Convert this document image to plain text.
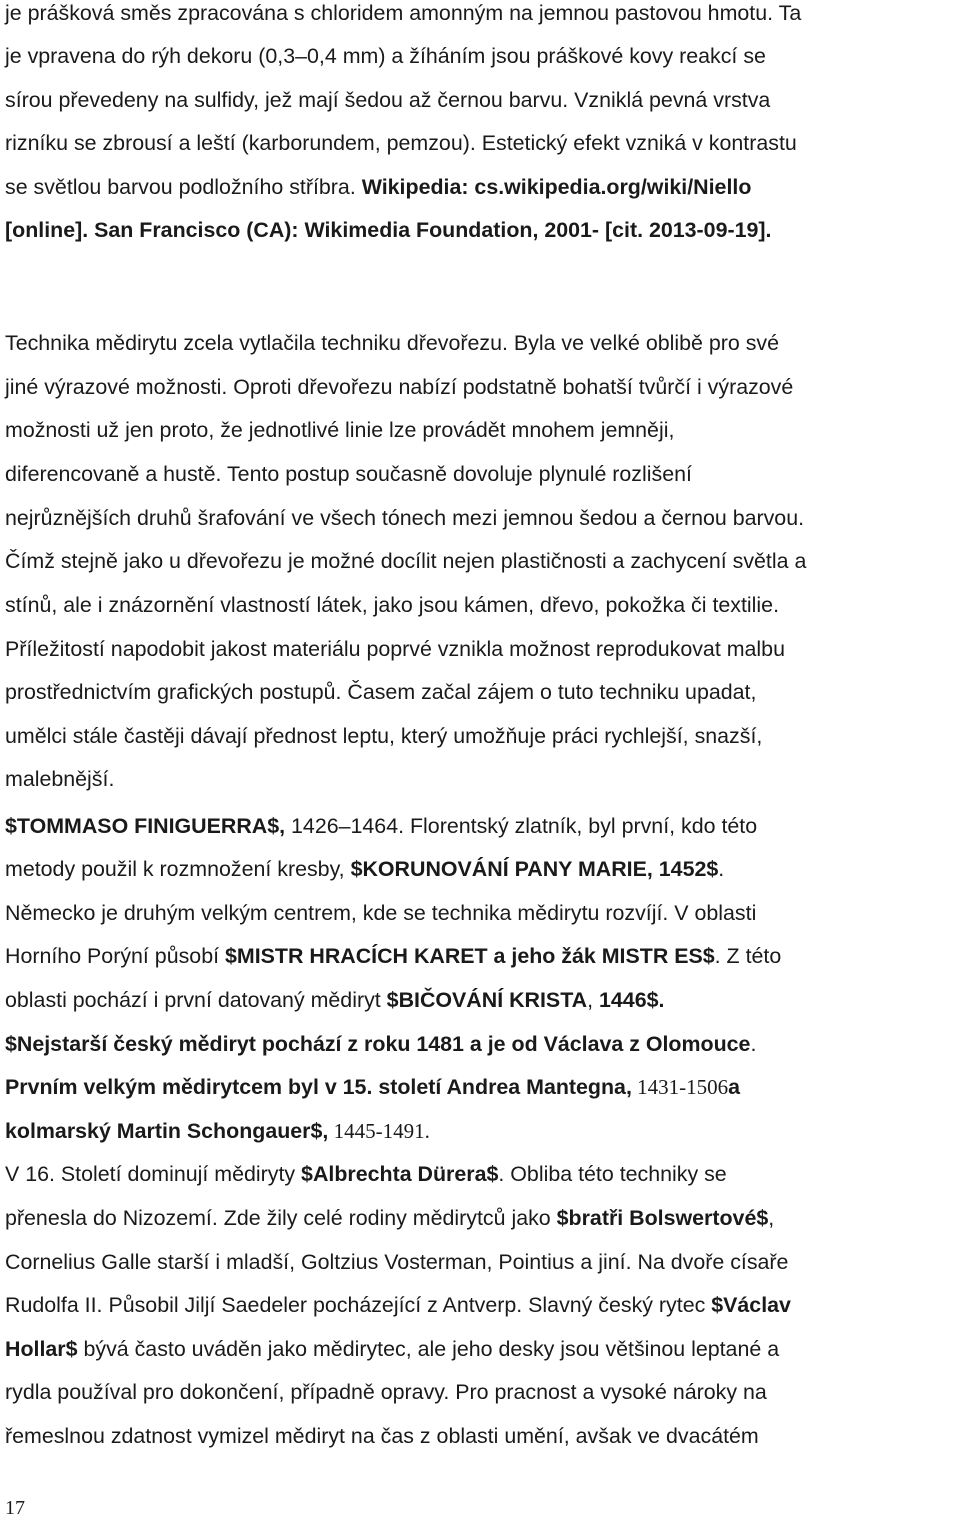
je prášková směs zpracována s chloridem amonným na jemnou pastovou hmotu. Ta
je vpravena do rýh dekoru (0,3–0,4 mm) a žíháním jsou práškové kovy reakcí se
sírou převedeny na sulfidy, jež mají šedou až černou barvu. Vzniklá pevná vrstva
rizníku se zbrousí a leští (karborundem, pemzou). Estetický efekt vzniká v kontrastu
se světlou barvou podložního stříbra. Wikipedia: cs.wikipedia.org/wiki/Niello
[online]. San Francisco (CA): Wikimedia Foundation, 2001- [cit. 2013-09-19].
Technika mědirytu zcela vytlačila techniku dřevořezu. Byla ve velké oblibě pro své
jiné výrazové možnosti. Oproti dřevořezu nabízí podstatně bohatší tvůrčí i výrazové
možnosti už jen proto, že jednotlivé linie lze provádět mnohem jemněji,
diferencovaně a hustě. Tento postup současně dovoluje plynulé rozlišení
nejrůznějších druhů šrafování ve všech tónech mezi jemnou šedou a černou barvou.
Čímž stejně jako u dřevořezu je možné docílit nejen plastičnosti a zachycení světla a
stínů, ale i znázornění vlastností látek, jako jsou kámen, dřevo, pokožka či textilie.
Příležitostí napodobit jakost materiálu poprvé vznikla možnost reprodukovat malbu
prostřednictvím grafických postupů. Časem začal zájem o tuto techniku upadat,
umělci stále častěji dávají přednost leptu, který umožňuje práci rychlejší, snazší,
malebnější.
$TOMMASO FINIGUERRA$, 1426–1464. Florentský zlatník, byl první, kdo této
metody použil k rozmnožení kresby, $KORUNOVÁNÍ PANY MARIE, 1452$.
Německo je druhým velkým centrem, kde se technika mědirytu rozvíjí. V oblasti
Horního Porýní působí $MISTR HRACÍCH KARET a jeho žák MISTR ES$. Z této
oblasti pochází i první datovaný mědiryt $BIČOVÁNÍ KRISTA, 1446$.
$Nejstarší český mědiryt pochází z roku 1481 a je od Václava z Olomouce.
Prvním velkým mědirytcem byl v 15. století Andrea Mantegna, 1431-1506a
kolmarský Martin Schongauer$, 1445-1491.
V 16. Století dominují mědiryty $Albrechta Dürera$. Obliba této techniky se
přenesla do Nizozemí. Zde žily celé rodiny mědirytců jako $bratři Bolswertové$,
Cornelius Galle starší i mladší, Goltzius Vosterman, Pointius a jiní. Na dvoře císaře
Rudolfa II. Působil Jiljí Saedeler pocházející z Antverp. Slavný český rytec $Václav
Hollar$ bývá často uváděn jako mědirytec, ale jeho desky jsou většinou leptané a
rydla používal pro dokončení, případně opravy. Pro pracnost a vysoké nároky na
řemeslnou zdatnost vymizel mědiryt na čas z oblasti umění, avšak ve dvacátém
17
